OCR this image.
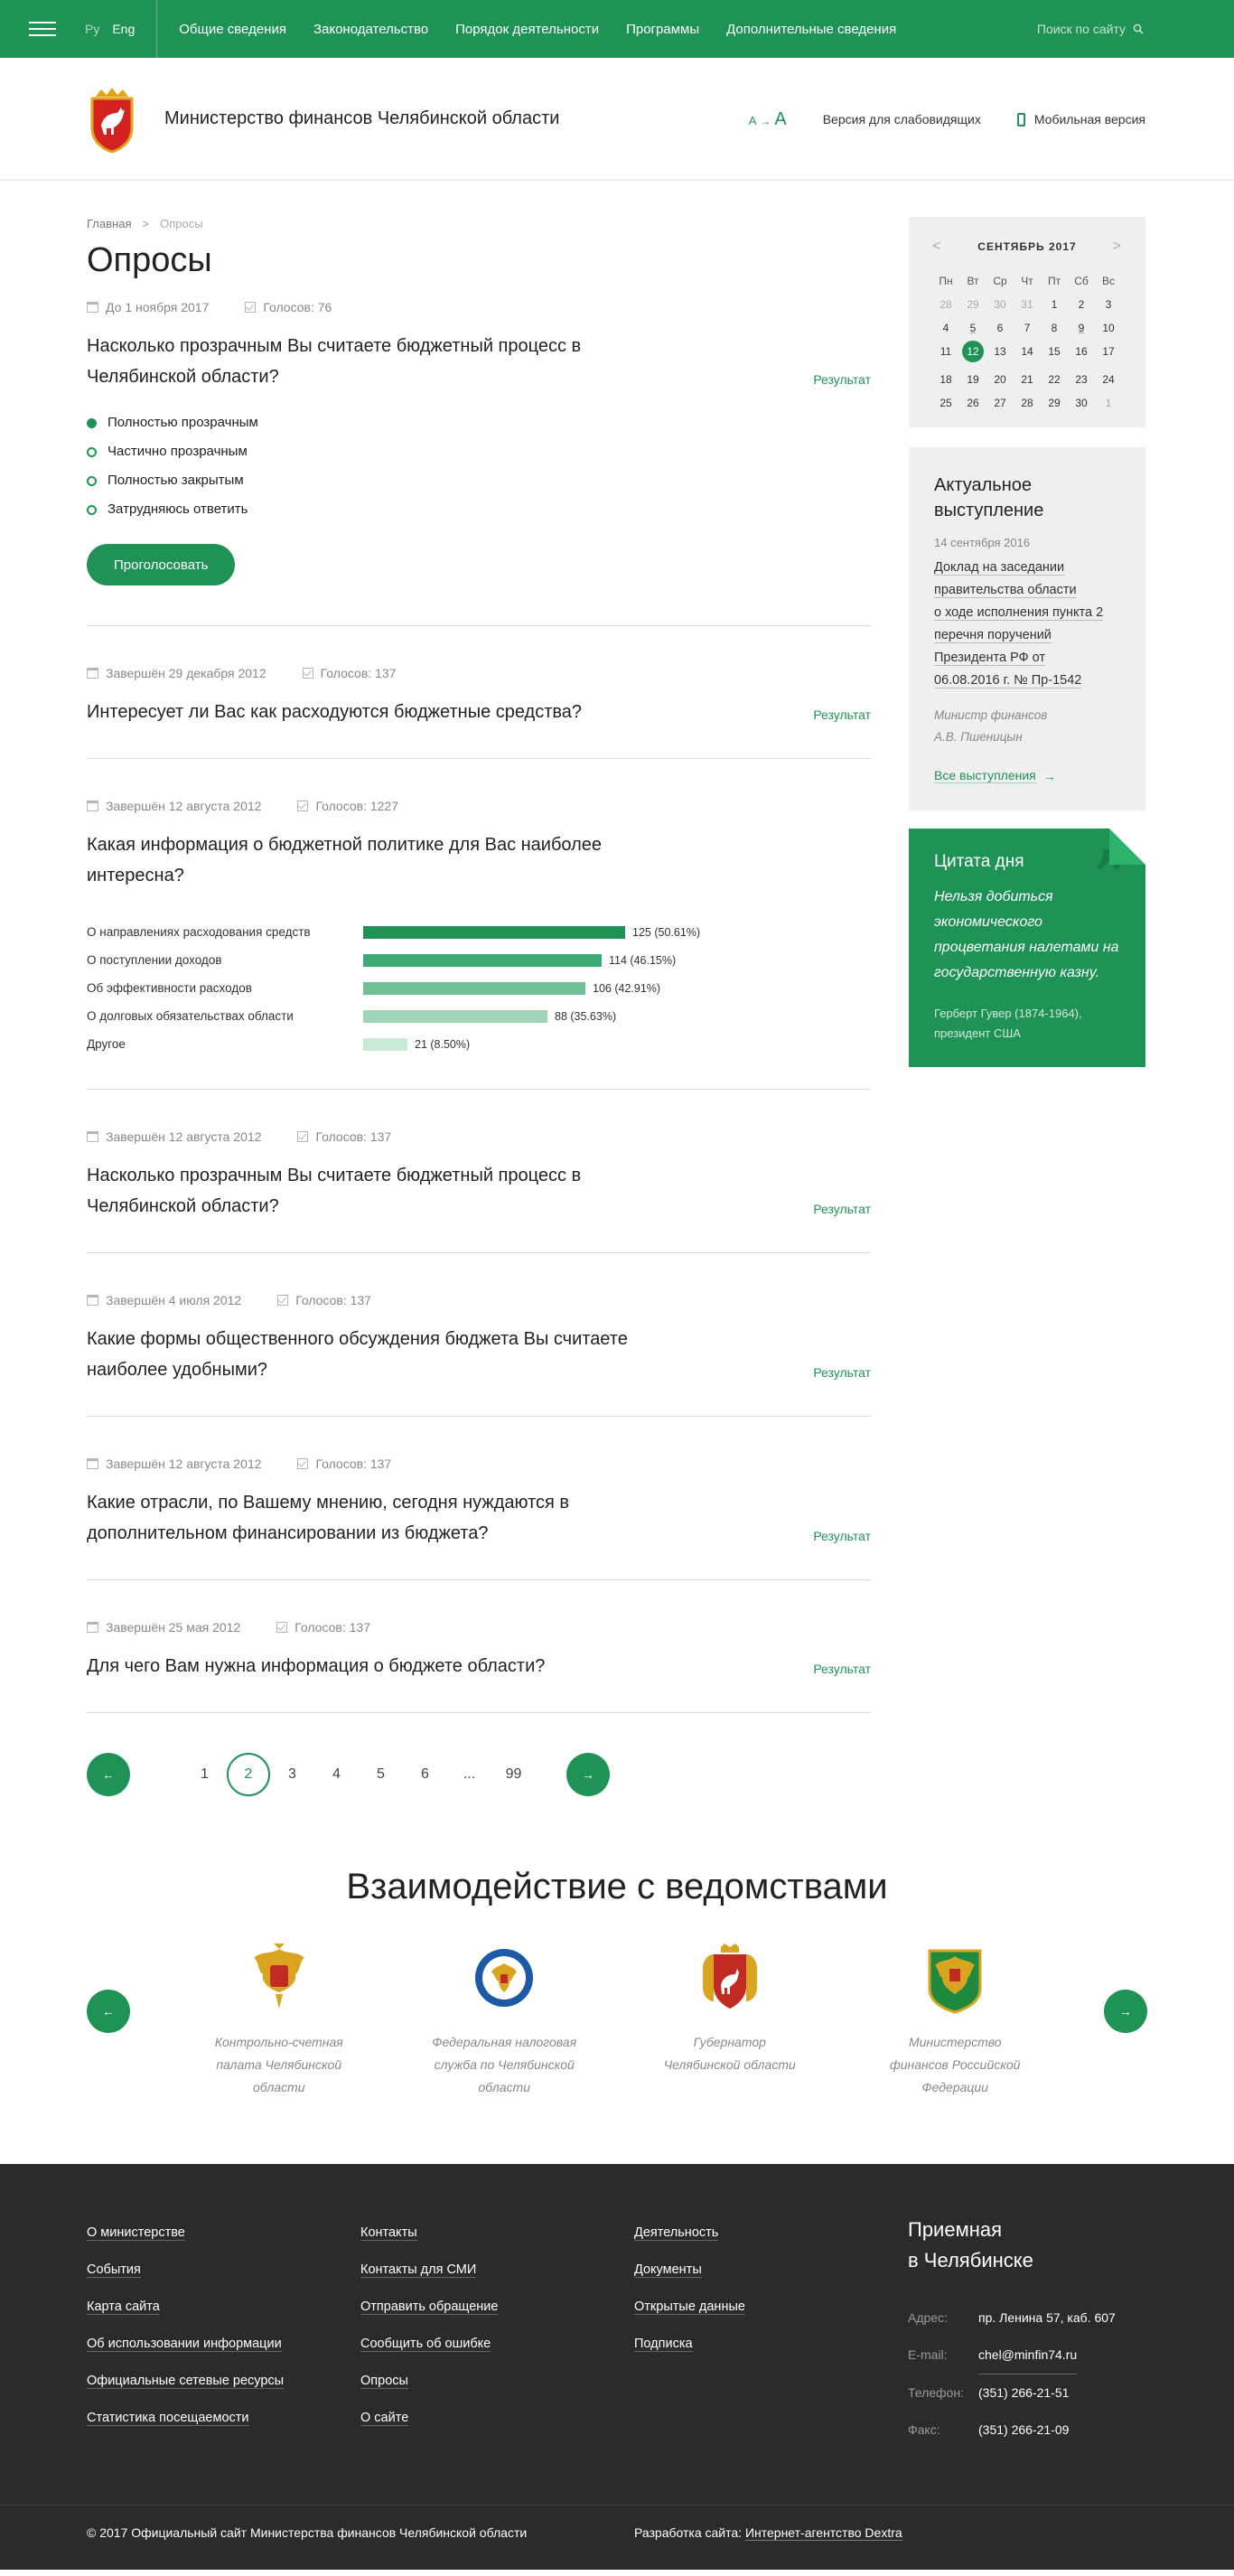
Ру Eng	Общие сведения Законодательство Порядок деятельности Программы Дополнительные сведения	Поиск по сайту
Министерство финансов Челябинской области	А → А	Версия для слабовидящих	Мобильная версия
Главная > Опросы
Опросы
До 1 ноября 2017	Голосов: 76
Насколько прозрачным Вы считаете бюджетный процесс в Челябинской области?	Результат
Полностью прозрачным
Частично прозрачным
Полностью закрытым
Затрудняюсь ответить
Проголосовать
Завершён 29 декабря 2012	Голосов: 137
Интересует ли Вас как расходуются бюджетные средства?	Результат
Завершён 12 августа 2012	Голосов: 1227
Какая информация о бюджетной политике для Вас наиболее интересна?
О направлениях расходования средств	125 (50.61%)
О поступлении доходов	114 (46.15%)
Об эффективности расходов	106 (42.91%)
О долговых обязательствах области	88 (35.63%)
Другое	21 (8.50%)
Завершён 12 августа 2012	Голосов: 137
Насколько прозрачным Вы считаете бюджетный процесс в Челябинской области?	Результат
Завершён 4 июля 2012	Голосов: 137
Какие формы общественного обсуждения бюджета Вы считаете наиболее удобными?	Результат
Завершён 12 августа 2012	Голосов: 137
Какие отрасли, по Вашему мнению, сегодня нуждаются в дополнительном финансировании из бюджета?	Результат
Завершён 25 мая 2012	Голосов: 137
Для чего Вам нужна информация о бюджете области?	Результат
←	1	2	3	4	5	6	...	99	→
<	СЕНТЯБРЬ 2017 >
Пн	Вт	Ср	Чт	Пт	Сб	Вс
28	29	30	31	1	2	3
4	5	6	7	8	9	10
11	12	13	14	15	16	17
18	19	20	21	22	23	24
25	26	27	28	29	30	1
Актуальное выступление
14 сентября 2016
Доклад на заседании
правительства области
о ходе исполнения пункта 2
перечня поручений
Президента РФ от
06.08.2016 г. № Пр-1542
Министр финансов
А.В. Пшеницын
Все выступления →
”
Цитата дня
Нельзя добиться экономического процветания налетами на государственную казну.
Герберт Гувер (1874-1964),
президент США
Взаимодействие с ведомствами
←

Контрольно-счетная палата Челябинской области

Федеральная налоговая служба по Челябинской области

Губернатор Челябинской области

Министерство финансов Российской Федерации

→
О министерстве
События
Карта сайта
Об использовании информации
Официальные сетевые ресурсы
Статистика посещаемости
Контакты
Контакты для СМИ
Отправить обращение
Сообщить об ошибке
Опросы
О сайте
Деятельность
Документы
Открытые данные
Подписка
Приемная
в Челябинске
Адрес:	пр. Ленина 57, каб. 607
E-mail:	chel@minfin74.ru
Телефон:	(351) 266-21-51
Факс:	(351) 266-21-09
© 2017 Официальный сайт Министерства финансов Челябинской области	Разработка сайта: Интернет-агентство Dextra
